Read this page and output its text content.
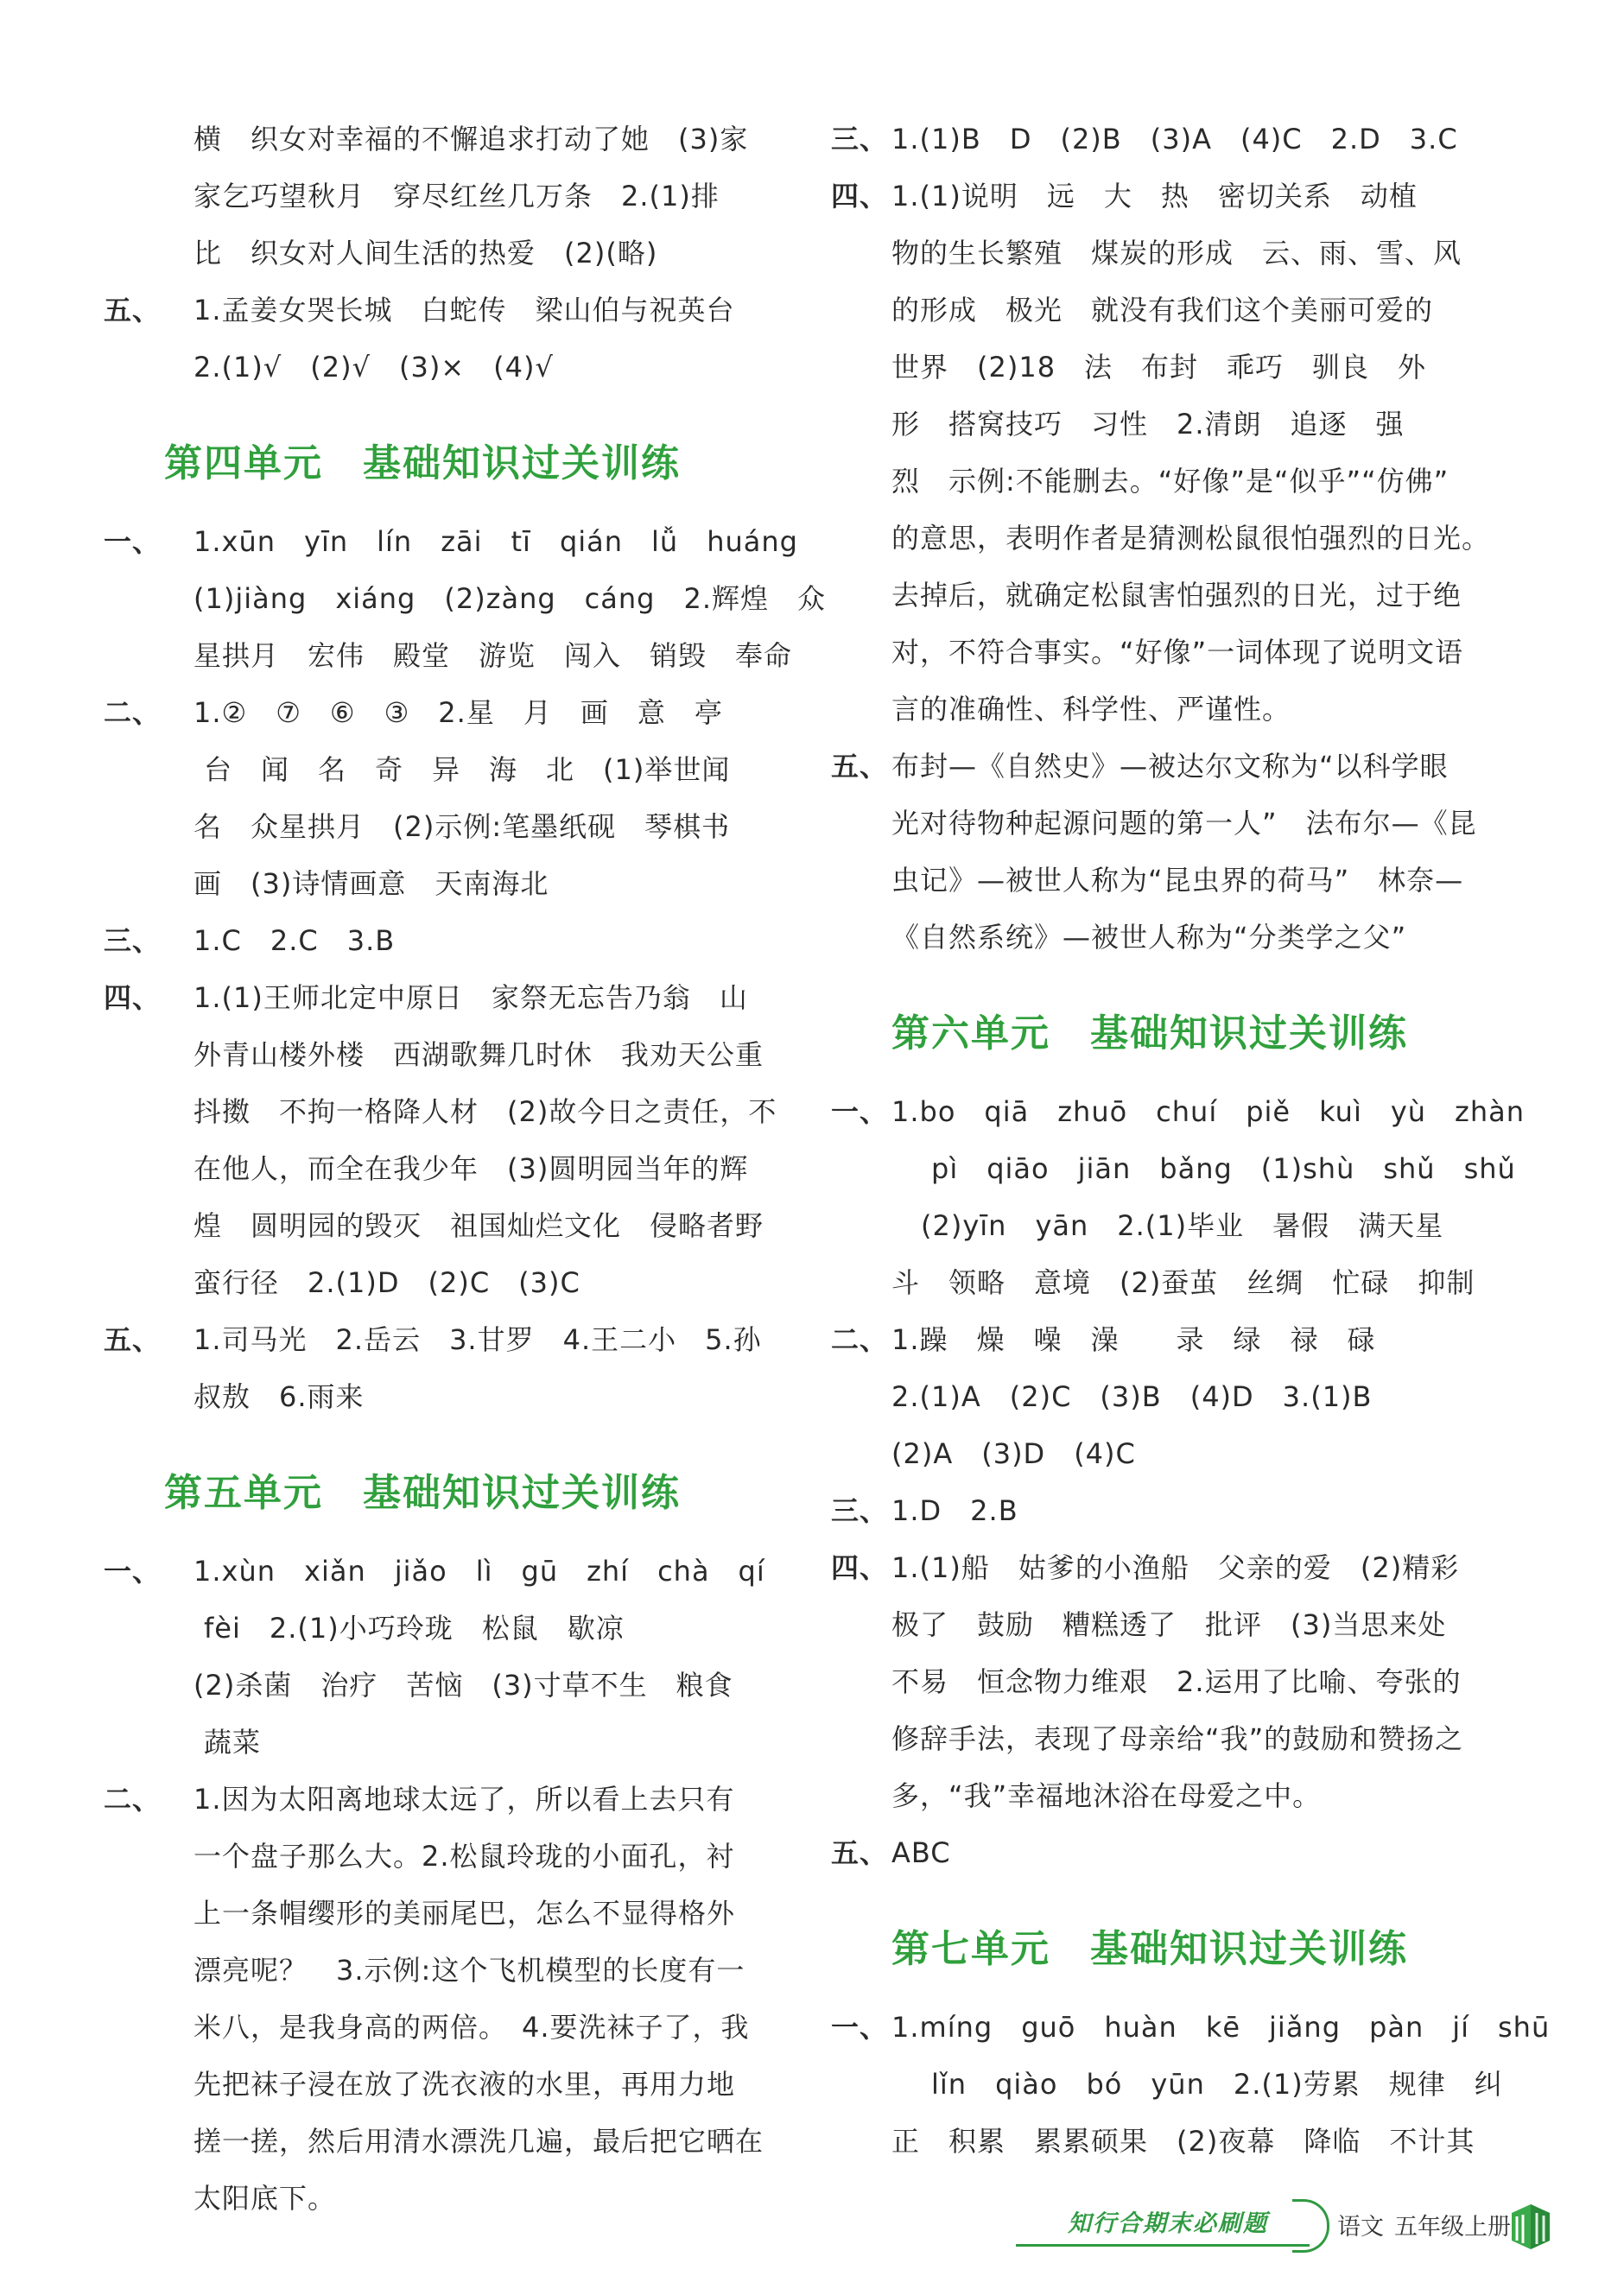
横　织女对幸福的不懈追求打动了她　(3)家
家乞巧望秋月　穿尽红丝几万条　2.(1)排
比　织女对人间生活的热爱　(2)(略)
五、 1.孟姜女哭长城　白蛇传　梁山伯与祝英台
2.(1)√　(2)√　(3)×　(4)√
第四单元　基础知识过关训练
一、 1.xūn　yīn　lín　zāi　tī　qián　lǚ　huáng
(1)jiàng　xiáng　(2)zàng　cáng　2.辉煌　众
星拱月　宏伟　殿堂　游览　闯入　销毁　奉命
二、 1.②　⑦　⑥　③　2.星　月　画　意　亭
台　闻　名　奇　异　海　北　(1)举世闻
名　众星拱月　(2)示例:笔墨纸砚　琴棋书
画　(3)诗情画意　天南海北
三、 1.C　2.C　3.B
四、 1.(1)王师北定中原日　家祭无忘告乃翁　山
外青山楼外楼　西湖歌舞几时休　我劝天公重
抖擞　不拘一格降人材　(2)故今日之责任，不
在他人，而全在我少年　(3)圆明园当年的辉
煌　圆明园的毁灭　祖国灿烂文化　侵略者野
蛮行径　2.(1)D　(2)C　(3)C
五、 1.司马光　2.岳云　3.甘罗　4.王二小　5.孙
叔敖　6.雨来
第五单元　基础知识过关训练
一、 1.xùn　xiǎn　jiǎo　lì　gū　zhí　chà　qí
fèi　2.(1)小巧玲珑　松鼠　歇凉
(2)杀菌　治疗　苦恼　(3)寸草不生　粮食
蔬菜
二、 1.因为太阳离地球太远了，所以看上去只有
一个盘子那么大。2.松鼠玲珑的小面孔，衬
上一条帽缨形的美丽尾巴，怎么不显得格外
漂亮呢？　3.示例:这个飞机模型的长度有一
米八，是我身高的两倍。　4.要洗袜子了，我
先把袜子浸在放了洗衣液的水里，再用力地
搓一搓，然后用清水漂洗几遍，最后把它晒在
太阳底下。
三、 1.(1)B　D　(2)B　(3)A　(4)C　2.D　3.C
四、 1.(1)说明　远　大　热　密切关系　动植
物的生长繁殖　煤炭的形成　云、雨、雪、风
的形成　极光　就没有我们这个美丽可爱的
世界　(2)18　法　布封　乖巧　驯良　外
形　搭窝技巧　习性　2.清朗　追逐　强
烈　示例:不能删去。“好像”是“似乎”“仿佛”
的意思，表明作者是猜测松鼠很怕强烈的日光。
去掉后，就确定松鼠害怕强烈的日光，过于绝
对，不符合事实。“好像”一词体现了说明文语
言的准确性、科学性、严谨性。
五、 布封—《自然史》—被达尔文称为“以科学眼
光对待物种起源问题的第一人”　法布尔—《昆
虫记》—被世人称为“昆虫界的荷马”　林奈—
《自然系统》—被世人称为“分类学之父”
第六单元　基础知识过关训练
一、 1.bo　qiā　zhuō　chuí　piě　kuì　yù　zhàn
pì　qiāo　jiān　bǎng　(1)shù　shǔ　shǔ
(2)yīn　yān　2.(1)毕业　暑假　满天星
斗　领略　意境　(2)蚕茧　丝绸　忙碌　抑制
二、 1.躁　燥　噪　澡　　录　绿　禄　碌
2.(1)A　(2)C　(3)B　(4)D　3.(1)B
(2)A　(3)D　(4)C
三、 1.D　2.B
四、 1.(1)船　姑爹的小渔船　父亲的爱　(2)精彩
极了　鼓励　糟糕透了　批评　(3)当思来处
不易　恒念物力维艰　2.运用了比喻、夸张的
修辞手法，表现了母亲给“我”的鼓励和赞扬之
多，“我”幸福地沐浴在母爱之中。
五、 ABC
第七单元　基础知识过关训练
一、 1.míng　guō　huàn　kē　jiǎng　pàn　jí　shū
lǐn　qiào　bó　yūn　2.(1)劳累　规律　纠
正　积累　累累硕果　(2)夜幕　降临　不计其
知行合期末必刷题	语文 五年级上册
